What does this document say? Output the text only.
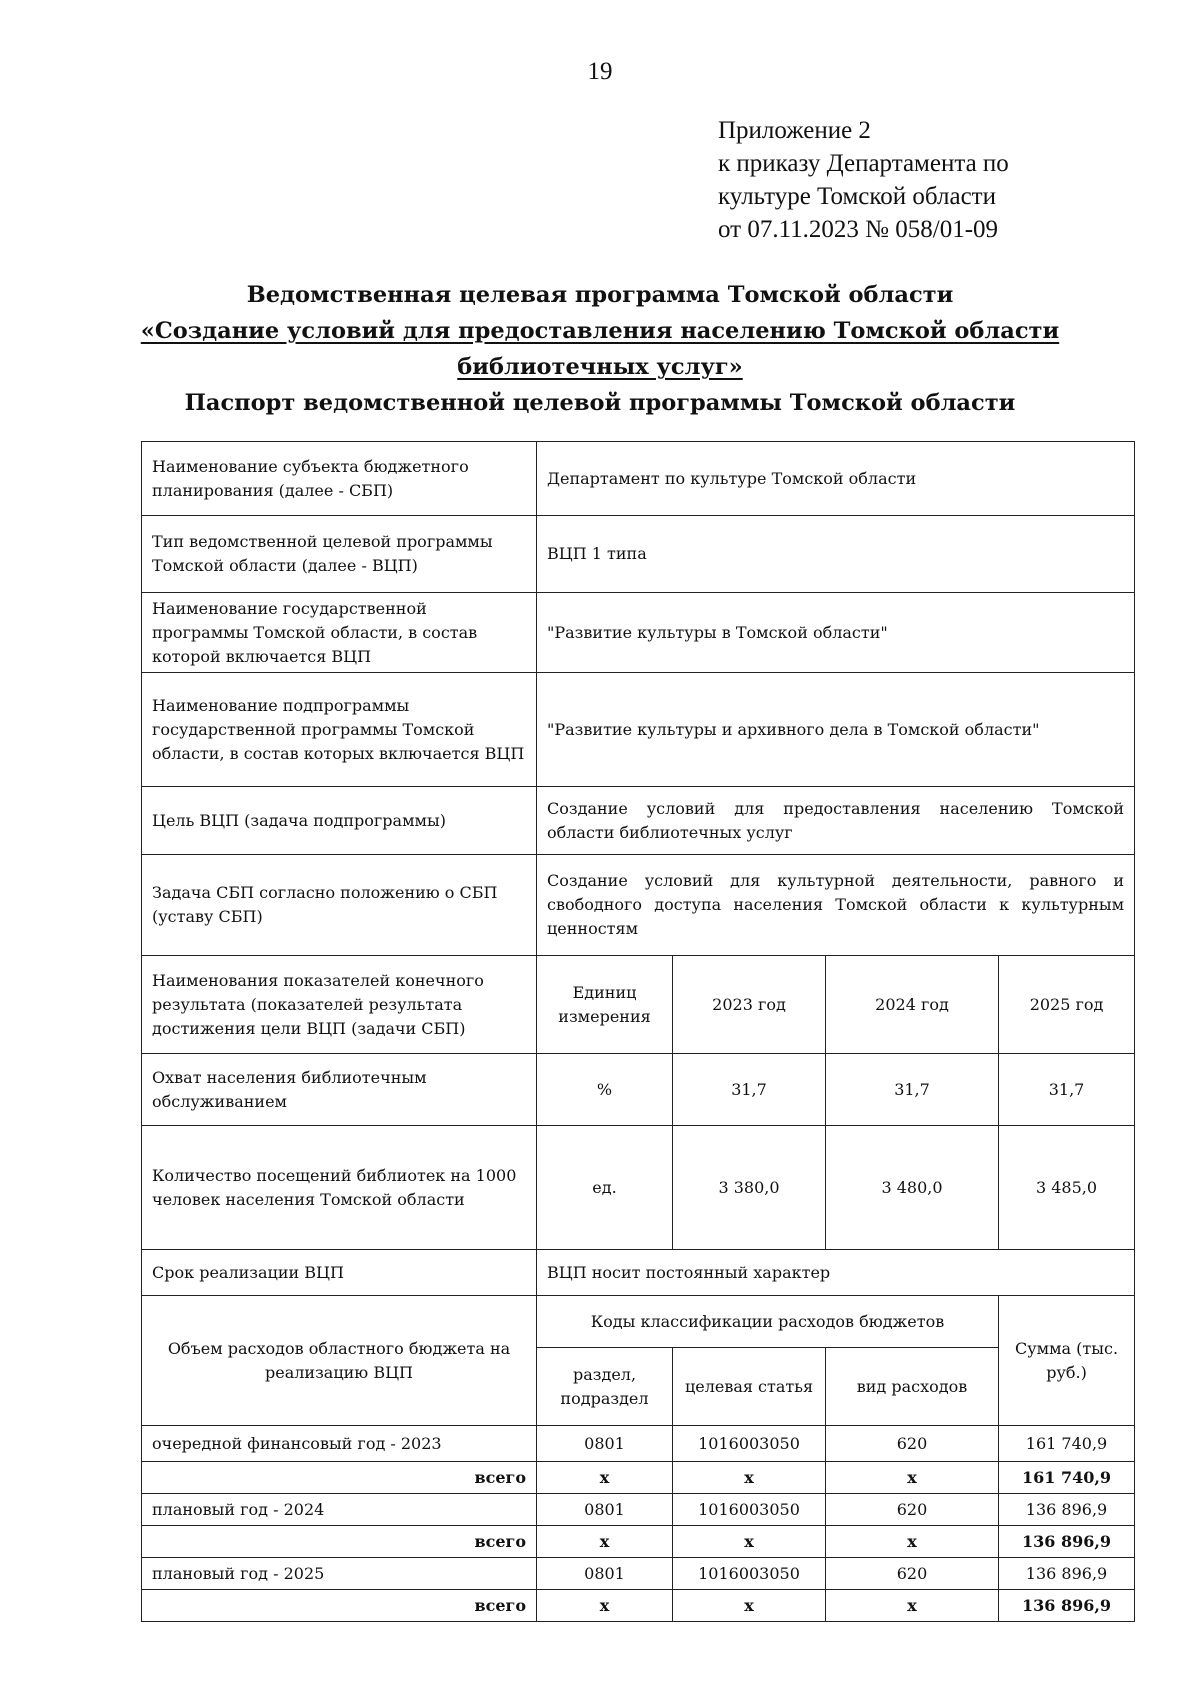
19
Приложение 2
к приказу Департамента по
культуре Томской области
от 07.11.2023 № 058/01-09
Ведомственная целевая программа Томской области
«Создание условий для предоставления населению Томской области
библиотечных услуг»
Паспорт ведомственной целевой программы Томской области
Наименование субъекта бюджетного планирования (далее - СБП)	Департамент по культуре Томской области			
Тип ведомственной целевой программы Томской области (далее - ВЦП)	ВЦП 1 типа			
Наименование государственной программы Томской области, в состав которой включается ВЦП	"Развитие культуры в Томской области"			
Наименование подпрограммы государственной программы Томской области, в состав которых включается ВЦП	"Развитие культуры и архивного дела в Томской области"			
Цель ВЦП (задача подпрограммы)	Создание условий для предоставления населению Томской области библиотечных услуг			
Задача СБП согласно положению о СБП (уставу СБП)	Создание условий для культурной деятельности, равного и свободного доступа населения Томской области к культурным ценностям			
Наименования показателей конечного результата (показателей результата достижения цели ВЦП (задачи СБП)	Единиц измерения	2023 год	2024 год	2025 год
Охват населения библиотечным обслуживанием	%	31,7	31,7	31,7
Количество посещений библиотек на 1000 человек населения Томской области	ед.	3 380,0	3 480,0	3 485,0
Срок реализации ВЦП	ВЦП носит постоянный характер			
Объем расходов областного бюджета на реализацию ВЦП	Коды классификации расходов бюджетов			Сумма (тыс. руб.)
	раздел, подраздел	целевая статья	вид расходов	
очередной финансовый год - 2023	0801	1016003050	620	161 740,9
всего	х	х	х	161 740,9
плановый год - 2024	0801	1016003050	620	136 896,9
всего	х	х	х	136 896,9
плановый год - 2025	0801	1016003050	620	136 896,9
всего	х	х	х	136 896,9
